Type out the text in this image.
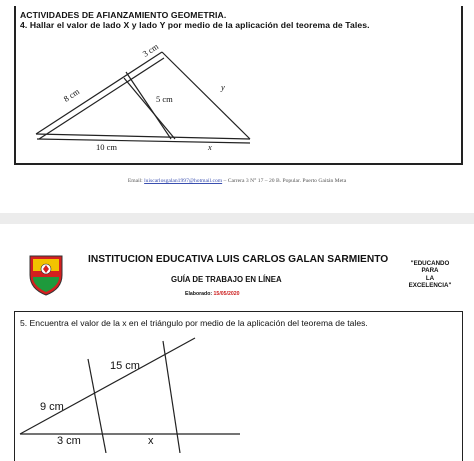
ACTIVIDADES DE AFIANZAMIENTO GEOMETRIA.
4. Hallar el valor de lado X y lado Y por medio de la aplicación del teorema de Tales.
3 cm
8 cm	5 cm
y
10 cm	x
Email: luiscarlosgalan1997@hotmail.com – Carrera 3 N° 17 – 20 B. Popular. Puerto Gaitán Meta
INSTITUCION EDUCATIVA LUIS CARLOS GALAN SARMIENTO
GUÍA DE TRABAJO EN LÍNEA
Elaborado: 15/05/2020
"EDUCANDO
PARA
LA
EXCELENCIA"
5. Encuentra el valor de la x en el triángulo por medio de la aplicación del teorema de tales.
15 cm
9 cm
3 cm	x
